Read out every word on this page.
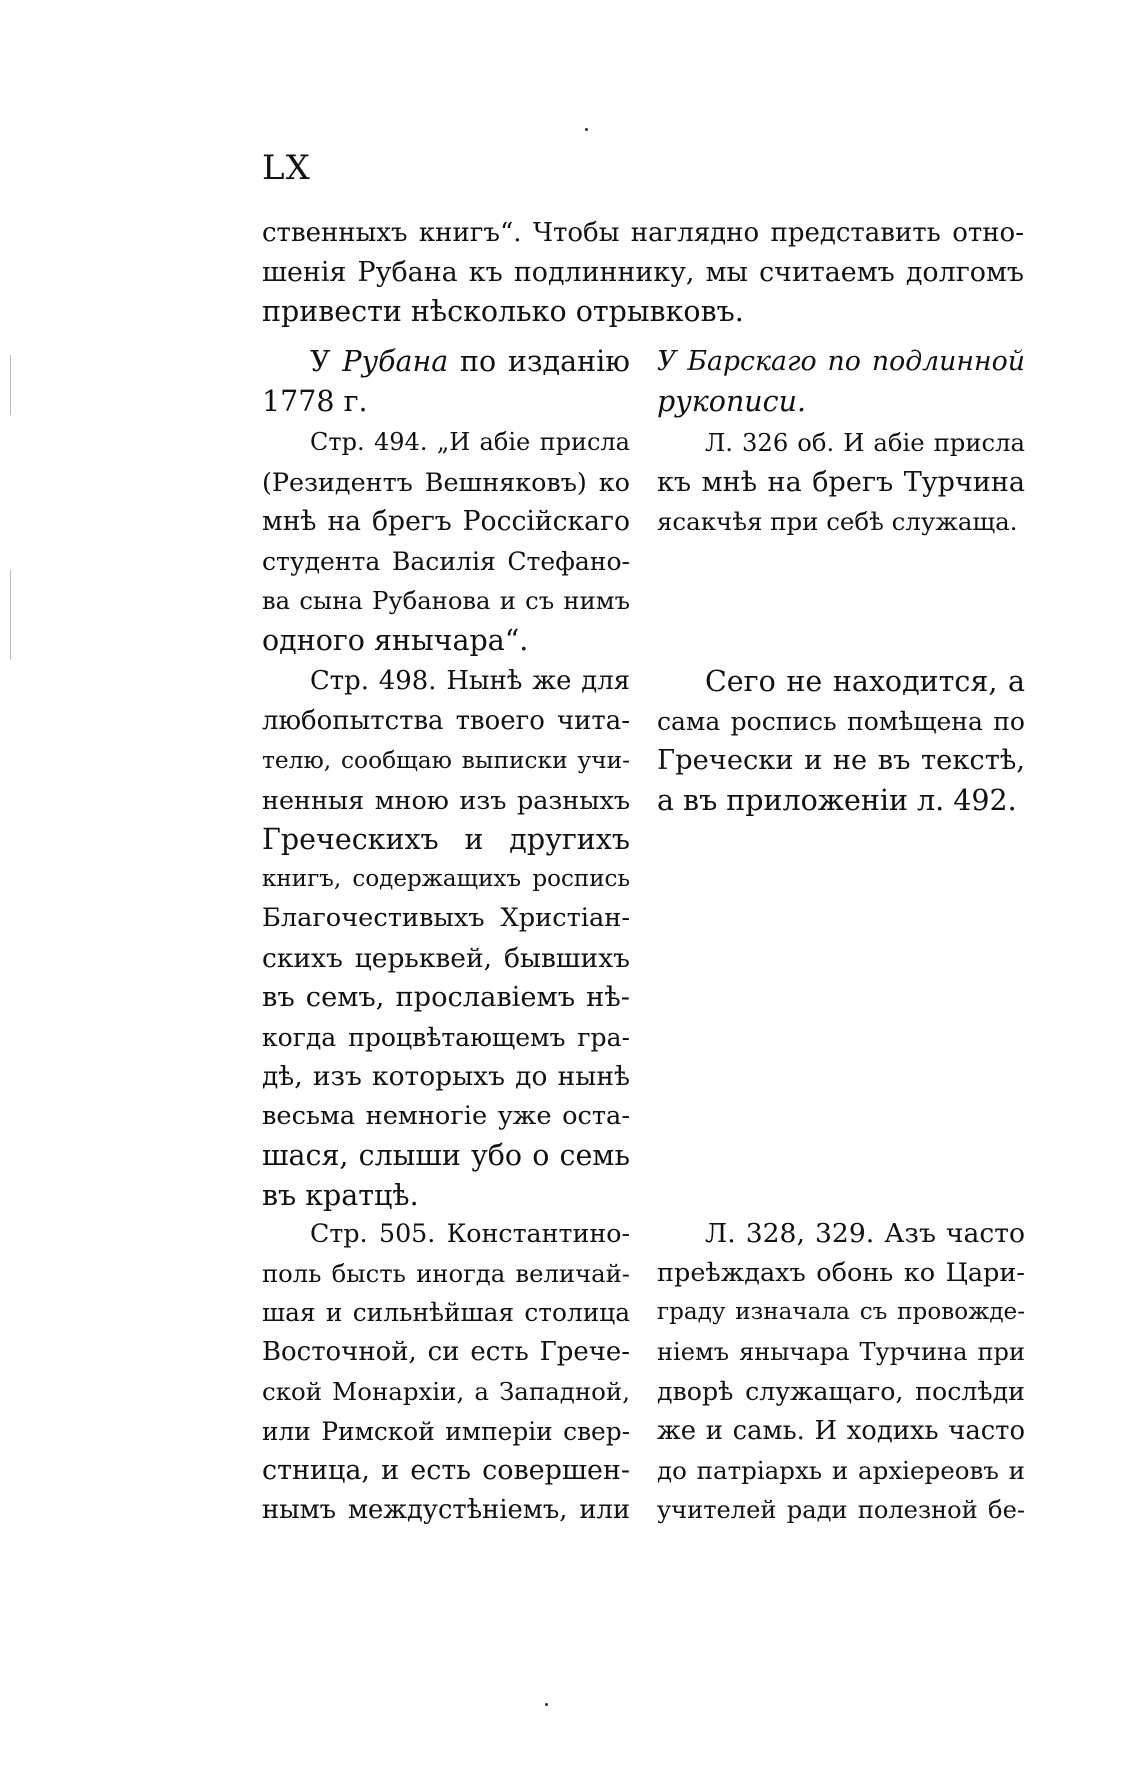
LX
ственныхъ книгъ“. Чтобы наглядно представить отно-
шенія Рубана къ подлиннику, мы считаемъ долгомъ
привести нѣсколько отрывковъ.
У Рубана по изданію
1778 г.
Стр. 494. „И абіе присла
(Резидентъ Вешняковъ) ко
мнѣ на брегъ Россійскаго
студента Василія Стефано-
ва сына Рубанова и съ нимъ
одного янычара“.
Стр. 498. Нынѣ же для
любопытства твоего чита-
телю, сообщаю выписки учи-
ненныя мною изъ разныхъ
Греческихъ и другихъ
книгъ, содержащихъ роспись
Благочестивыхъ Христіан-
скихъ церьквей, бывшихъ
въ семъ, прославіемъ нѣ-
когда процвѣтающемъ гра-
дѣ, изъ которыхъ до нынѣ
весьма немногіе уже оста-
шася, слыши убо о семь
въ кратцѣ.
Стр. 505. Константино-
поль бысть иногда величай-
шая и сильнѣйшая столица
Восточной, си есть Грече-
ской Монархіи, а Западной,
или Римской имперіи свер-
стница, и есть совершен-
нымъ междустѣніемъ, или
У Барскаго по подлинной
рукописи.
Л. 326 об. И абіе присла
къ мнѣ на брегъ Турчина
ясакчѣя при себѣ служаща.
Сего не находится, а
сама роспись помѣщена по
Гречески и не въ текстѣ,
а въ приложеніи л. 492.
Л. 328, 329. Азъ часто
преѣждахъ обонь ко Цари-
граду изначала съ провожде-
ніемъ янычара Турчина при
дворѣ служащаго, послѣди
же и самь. И ходихь часто
до патріархь и архіереовъ и
учителей ради полезной бе-
